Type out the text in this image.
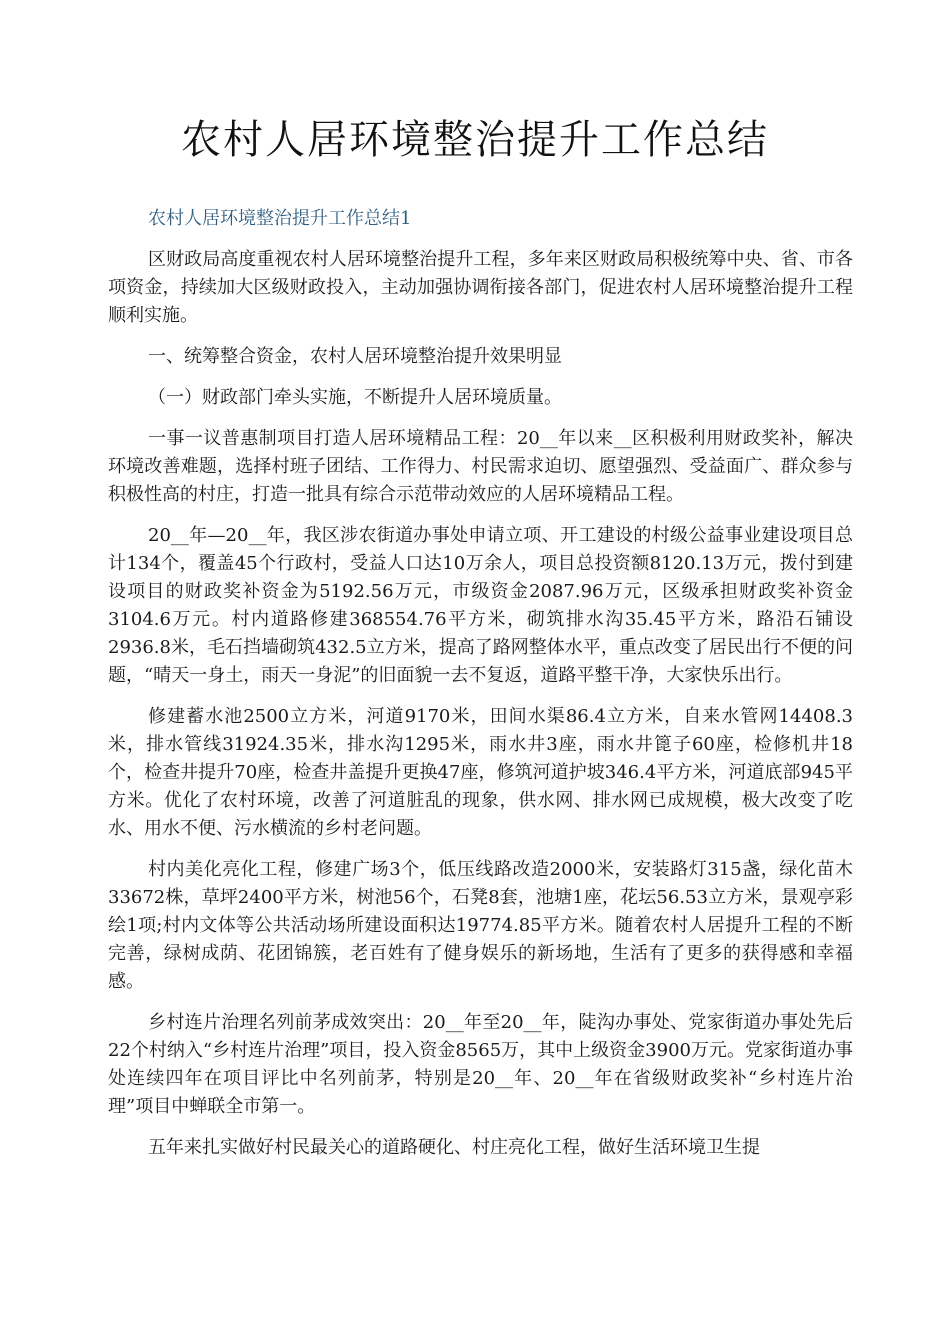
农村人居环境整治提升工作总结

农村人居环境整治提升工作总结1

区财政局高度重视农村人居环境整治提升工程，多年来区财政局积极统筹中央、省、市各项资金，持续加大区级财政投入，主动加强协调衔接各部门，促进农村人居环境整治提升工程顺利实施。

一、统筹整合资金，农村人居环境整治提升效果明显

（一）财政部门牵头实施，不断提升人居环境质量。

一事一议普惠制项目打造人居环境精品工程：20__年以来__区积极利用财政奖补，解决环境改善难题，选择村班子团结、工作得力、村民需求迫切、愿望强烈、受益面广、群众参与积极性高的村庄，打造一批具有综合示范带动效应的人居环境精品工程。

20__年—20__年，我区涉农街道办事处申请立项、开工建设的村级公益事业建设项目总计134个，覆盖45个行政村，受益人口达10万余人，项目总投资额8120.13万元，拨付到建设项目的财政奖补资金为5192.56万元，市级资金2087.96万元，区级承担财政奖补资金3104.6万元。村内道路修建368554.76平方米，砌筑排水沟35.45平方米，路沿石铺设2936.8米，毛石挡墙砌筑432.5立方米，提高了路网整体水平，重点改变了居民出行不便的问题，“晴天一身土，雨天一身泥”的旧面貌一去不复返，道路平整干净，大家快乐出行。

修建蓄水池2500立方米，河道9170米，田间水渠86.4立方米，自来水管网14408.3米，排水管线31924.35米，排水沟1295米，雨水井3座，雨水井篦子60座，检修机井18个，检查井提升70座，检查井盖提升更换47座，修筑河道护坡346.4平方米，河道底部945平方米。优化了农村环境，改善了河道脏乱的现象，供水网、排水网已成规模，极大改变了吃水、用水不便、污水横流的乡村老问题。

村内美化亮化工程，修建广场3个，低压线路改造2000米，安装路灯315盏，绿化苗木33672株，草坪2400平方米，树池56个，石凳8套，池塘1座，花坛56.53立方米，景观亭彩绘1项;村内文体等公共活动场所建设面积达19774.85平方米。随着农村人居提升工程的不断完善，绿树成荫、花团锦簇，老百姓有了健身娱乐的新场地，生活有了更多的获得感和幸福感。

乡村连片治理名列前茅成效突出：20__年至20__年，陡沟办事处、党家街道办事处先后22个村纳入“乡村连片治理”项目，投入资金8565万，其中上级资金3900万元。党家街道办事处连续四年在项目评比中名列前茅，特别是20__年、20__年在省级财政奖补“乡村连片治理”项目中蝉联全市第一。

五年来扎实做好村民最关心的道路硬化、村庄亮化工程，做好生活环境卫生提
